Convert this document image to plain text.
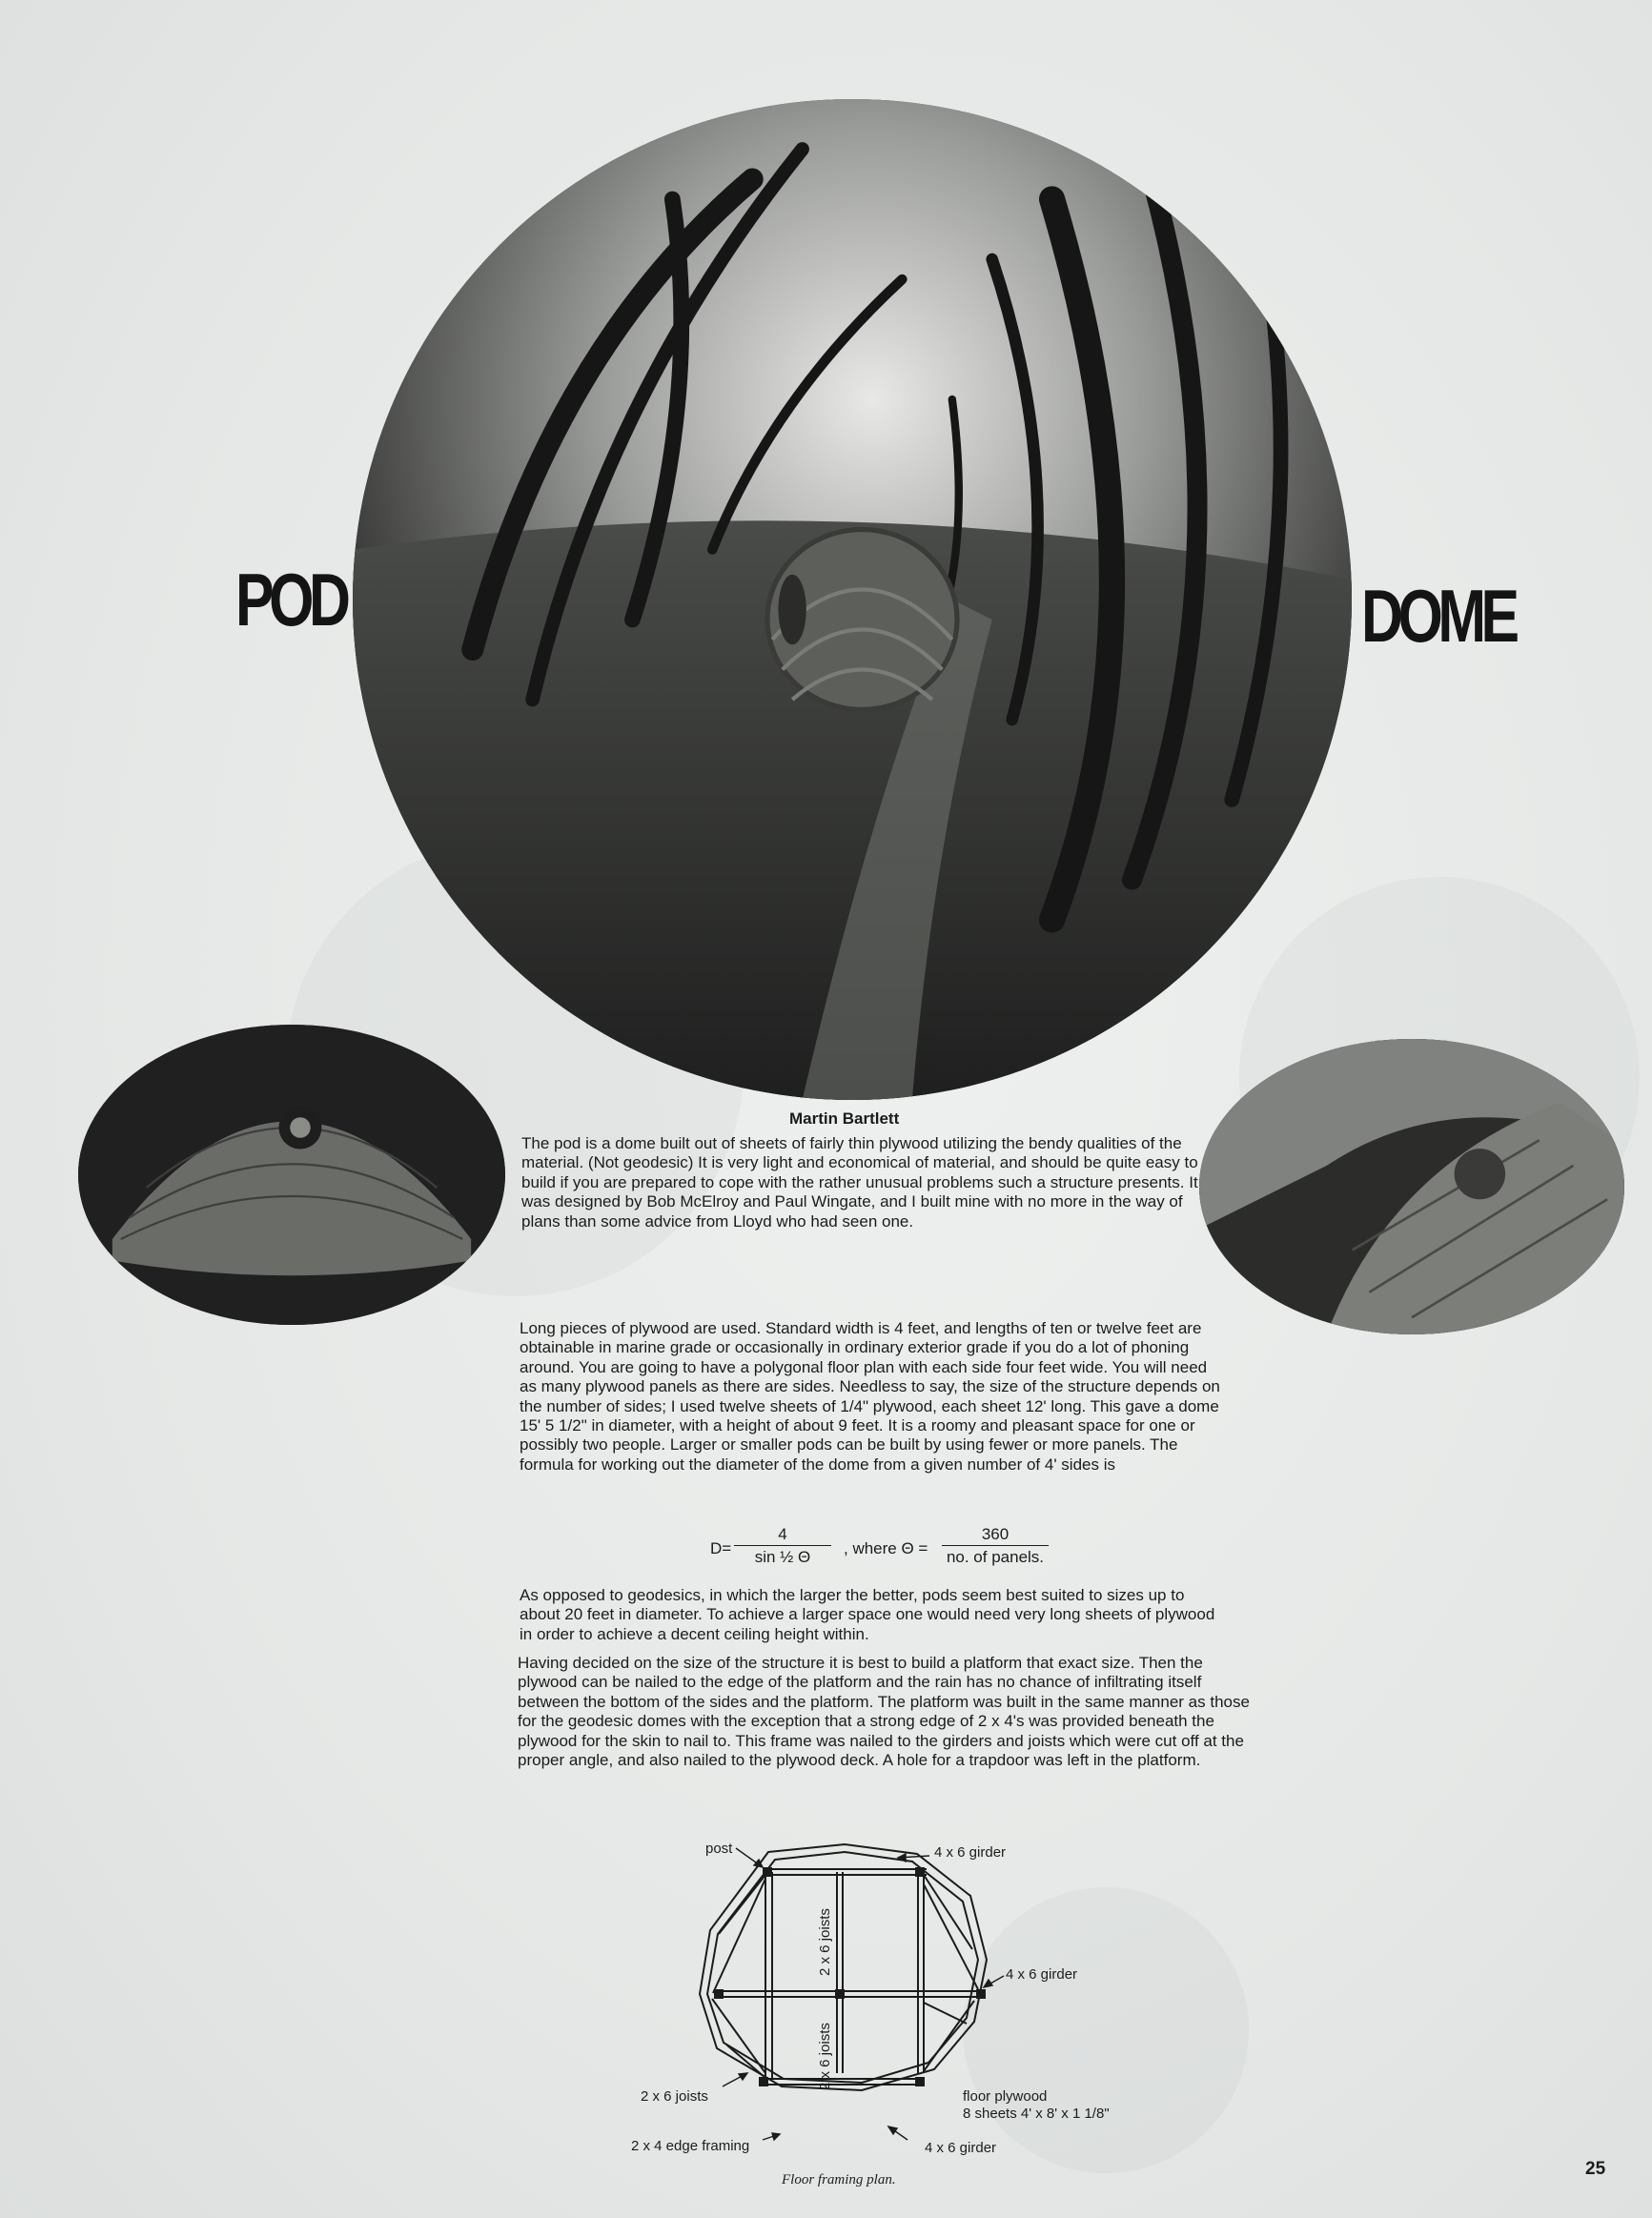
POD	DOME
Martin Bartlett

The pod is a dome built out of sheets of fairly thin plywood utilizing the bendy qualities of the material. (Not geodesic) It is very light and economical of material, and should be quite easy to build if you are prepared to cope with the rather unusual problems such a structure presents. It was designed by Bob McElroy and Paul Wingate, and I built mine with no more in the way of plans than some advice from Lloyd who had seen one.

Long pieces of plywood are used. Standard width is 4 feet, and lengths of ten or twelve feet are obtainable in marine grade or occasionally in ordinary exterior grade if you do a lot of phoning around. You are going to have a polygonal floor plan with each side four feet wide. You will need as many plywood panels as there are sides. Needless to say, the size of the structure depends on the number of sides; I used twelve sheets of 1/4" plywood, each sheet 12' long. This gave a dome 15' 5 1/2" in diameter, with a height of about 9 feet. It is a roomy and pleasant space for one or possibly two people. Larger or smaller pods can be built by using fewer or more panels. The formula for working out the diameter of the dome from a given number of 4' sides is

$D= \frac{4}{\text{sin ½ Θ}}$ , where Θ =
360
no. of panels.

As opposed to geodesics, in which the larger the better, pods seem best suited to sizes up to about 20 feet in diameter. To achieve a larger space one would need very long sheets of plywood in order to achieve a decent ceiling height within.

Having decided on the size of the structure it is best to build a platform that exact size. Then the plywood can be nailed to the edge of the platform and the rain has no chance of infiltrating itself between the bottom of the sides and the platform. The platform was built in the same manner as those for the geodesic domes with the exception that a strong edge of 2 x 4's was provided beneath the plywood for the skin to nail to. This frame was nailed to the girders and joists which were cut off at the proper angle, and also nailed to the plywood deck. A hole for a trapdoor was left in the platform.

post	4 x 6 girder
4 x 6 girder
4 x 6 girder
2 x 6 joists
2 x 6 joists
2 x 6 joists	floor plywood
8 sheets 4' x 8' x 1 1/8"
2 x 4 edge framing
Floor framing plan.
25
